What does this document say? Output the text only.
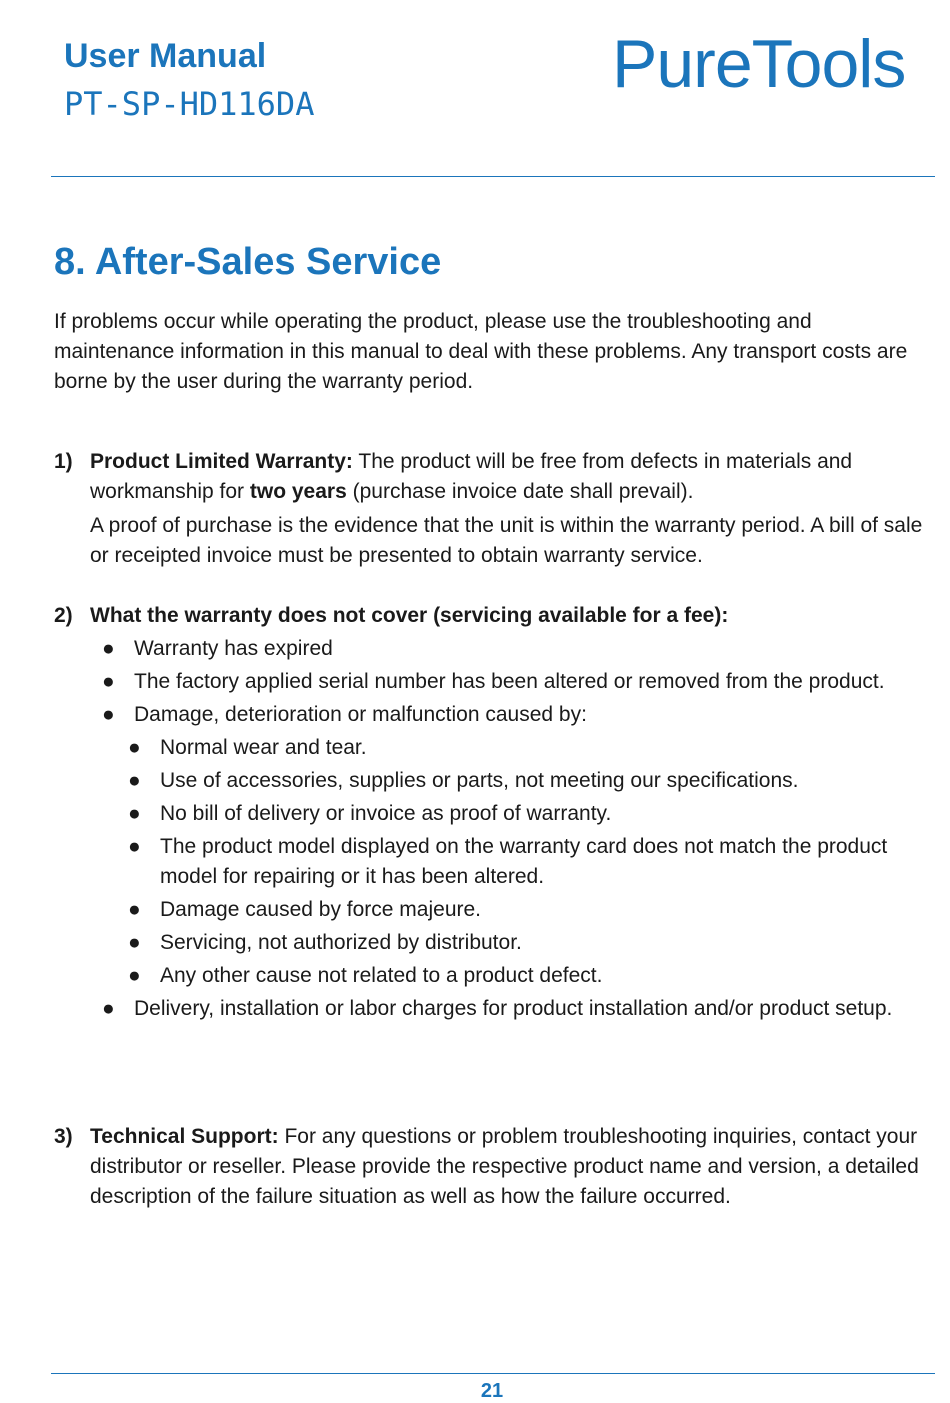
User Manual
PT-SP-HD116DA
PureTools
8. After-Sales Service
If problems occur while operating the product, please use the troubleshooting and maintenance information in this manual to deal with these problems. Any transport costs are borne by the user during the warranty period.
1) Product Limited Warranty: The product will be free from defects in materials and workmanship for two years (purchase invoice date shall prevail).

A proof of purchase is the evidence that the unit is within the warranty period. A bill of sale or receipted invoice must be presented to obtain warranty service.

2) What the warranty does not cover (servicing available for a fee):

● Warranty has expired
● The factory applied serial number has been altered or removed from the product.
● Damage, deterioration or malfunction caused by:
● Normal wear and tear.
● Use of accessories, supplies or parts, not meeting our specifications.
● No bill of delivery or invoice as proof of warranty.
● The product model displayed on the warranty card does not match the product model for repairing or it has been altered.
● Damage caused by force majeure.
● Servicing, not authorized by distributor.
● Any other cause not related to a product defect.
● Delivery, installation or labor charges for product installation and/or product setup.
3) Technical Support: For any questions or problem troubleshooting inquiries, contact your distributor or reseller. Please provide the respective product name and version, a detailed description of the failure situation as well as how the failure occurred.

21
